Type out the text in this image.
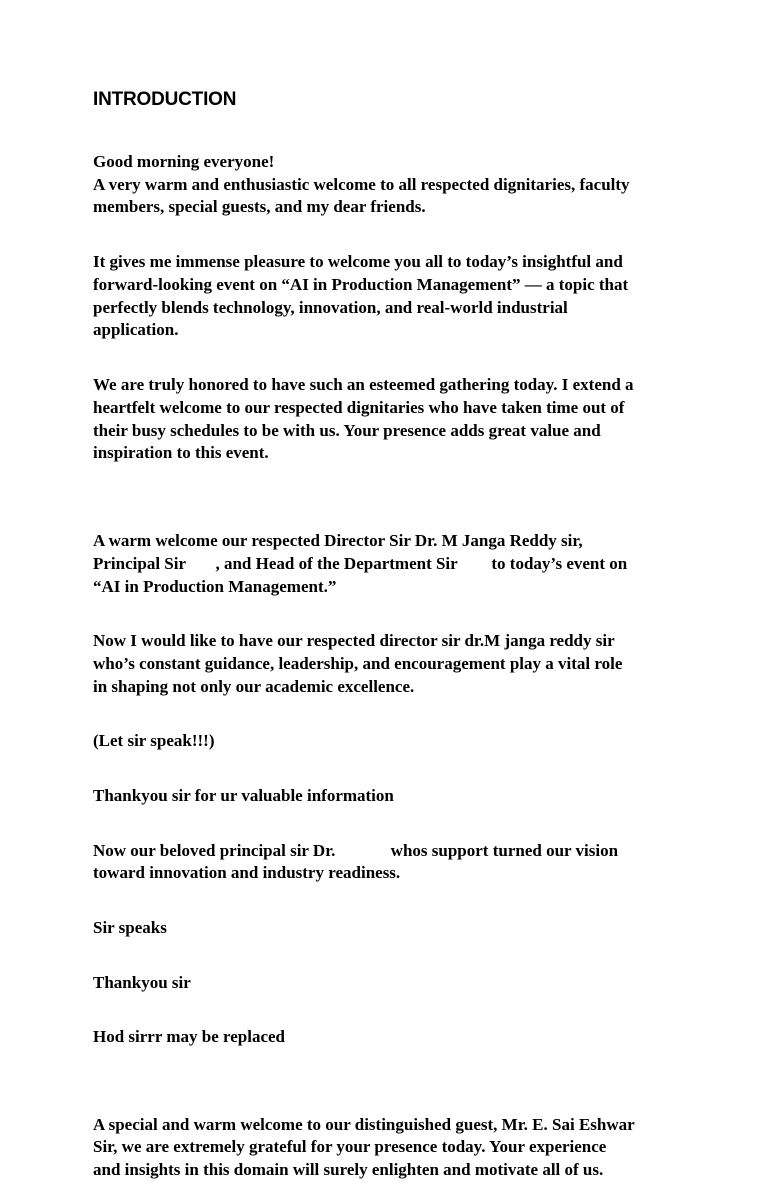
INTRODUCTION

Good morning everyone!
A very warm and enthusiastic welcome to all respected dignitaries, faculty
members, special guests, and my dear friends.

It gives me immense pleasure to welcome you all to today’s insightful and
forward-looking event on “AI in Production Management” — a topic that
perfectly blends technology, innovation, and real-world industrial
application.

We are truly honored to have such an esteemed gathering today. I extend a
heartfelt welcome to our respected dignitaries who have taken time out of
their busy schedules to be with us. Your presence adds great value and
inspiration to this event.

A warm welcome our respected Director Sir Dr. M Janga Reddy sir,
Principal Sir       , and Head of the Department Sir        to today’s event on
“AI in Production Management.”

Now I would like to have our respected director sir dr.M janga reddy sir
who’s constant guidance, leadership, and encouragement play a vital role
in shaping not only our academic excellence.

(Let sir speak!!!)

Thankyou sir for ur valuable information

Now our beloved principal sir Dr.             whos support turned our vision
toward innovation and industry readiness.

Sir speaks

Thankyou sir

Hod sirrr may be replaced

A special and warm welcome to our distinguished guest, Mr. E. Sai Eshwar
Sir, we are extremely grateful for your presence today. Your experience
and insights in this domain will surely enlighten and motivate all of us.
